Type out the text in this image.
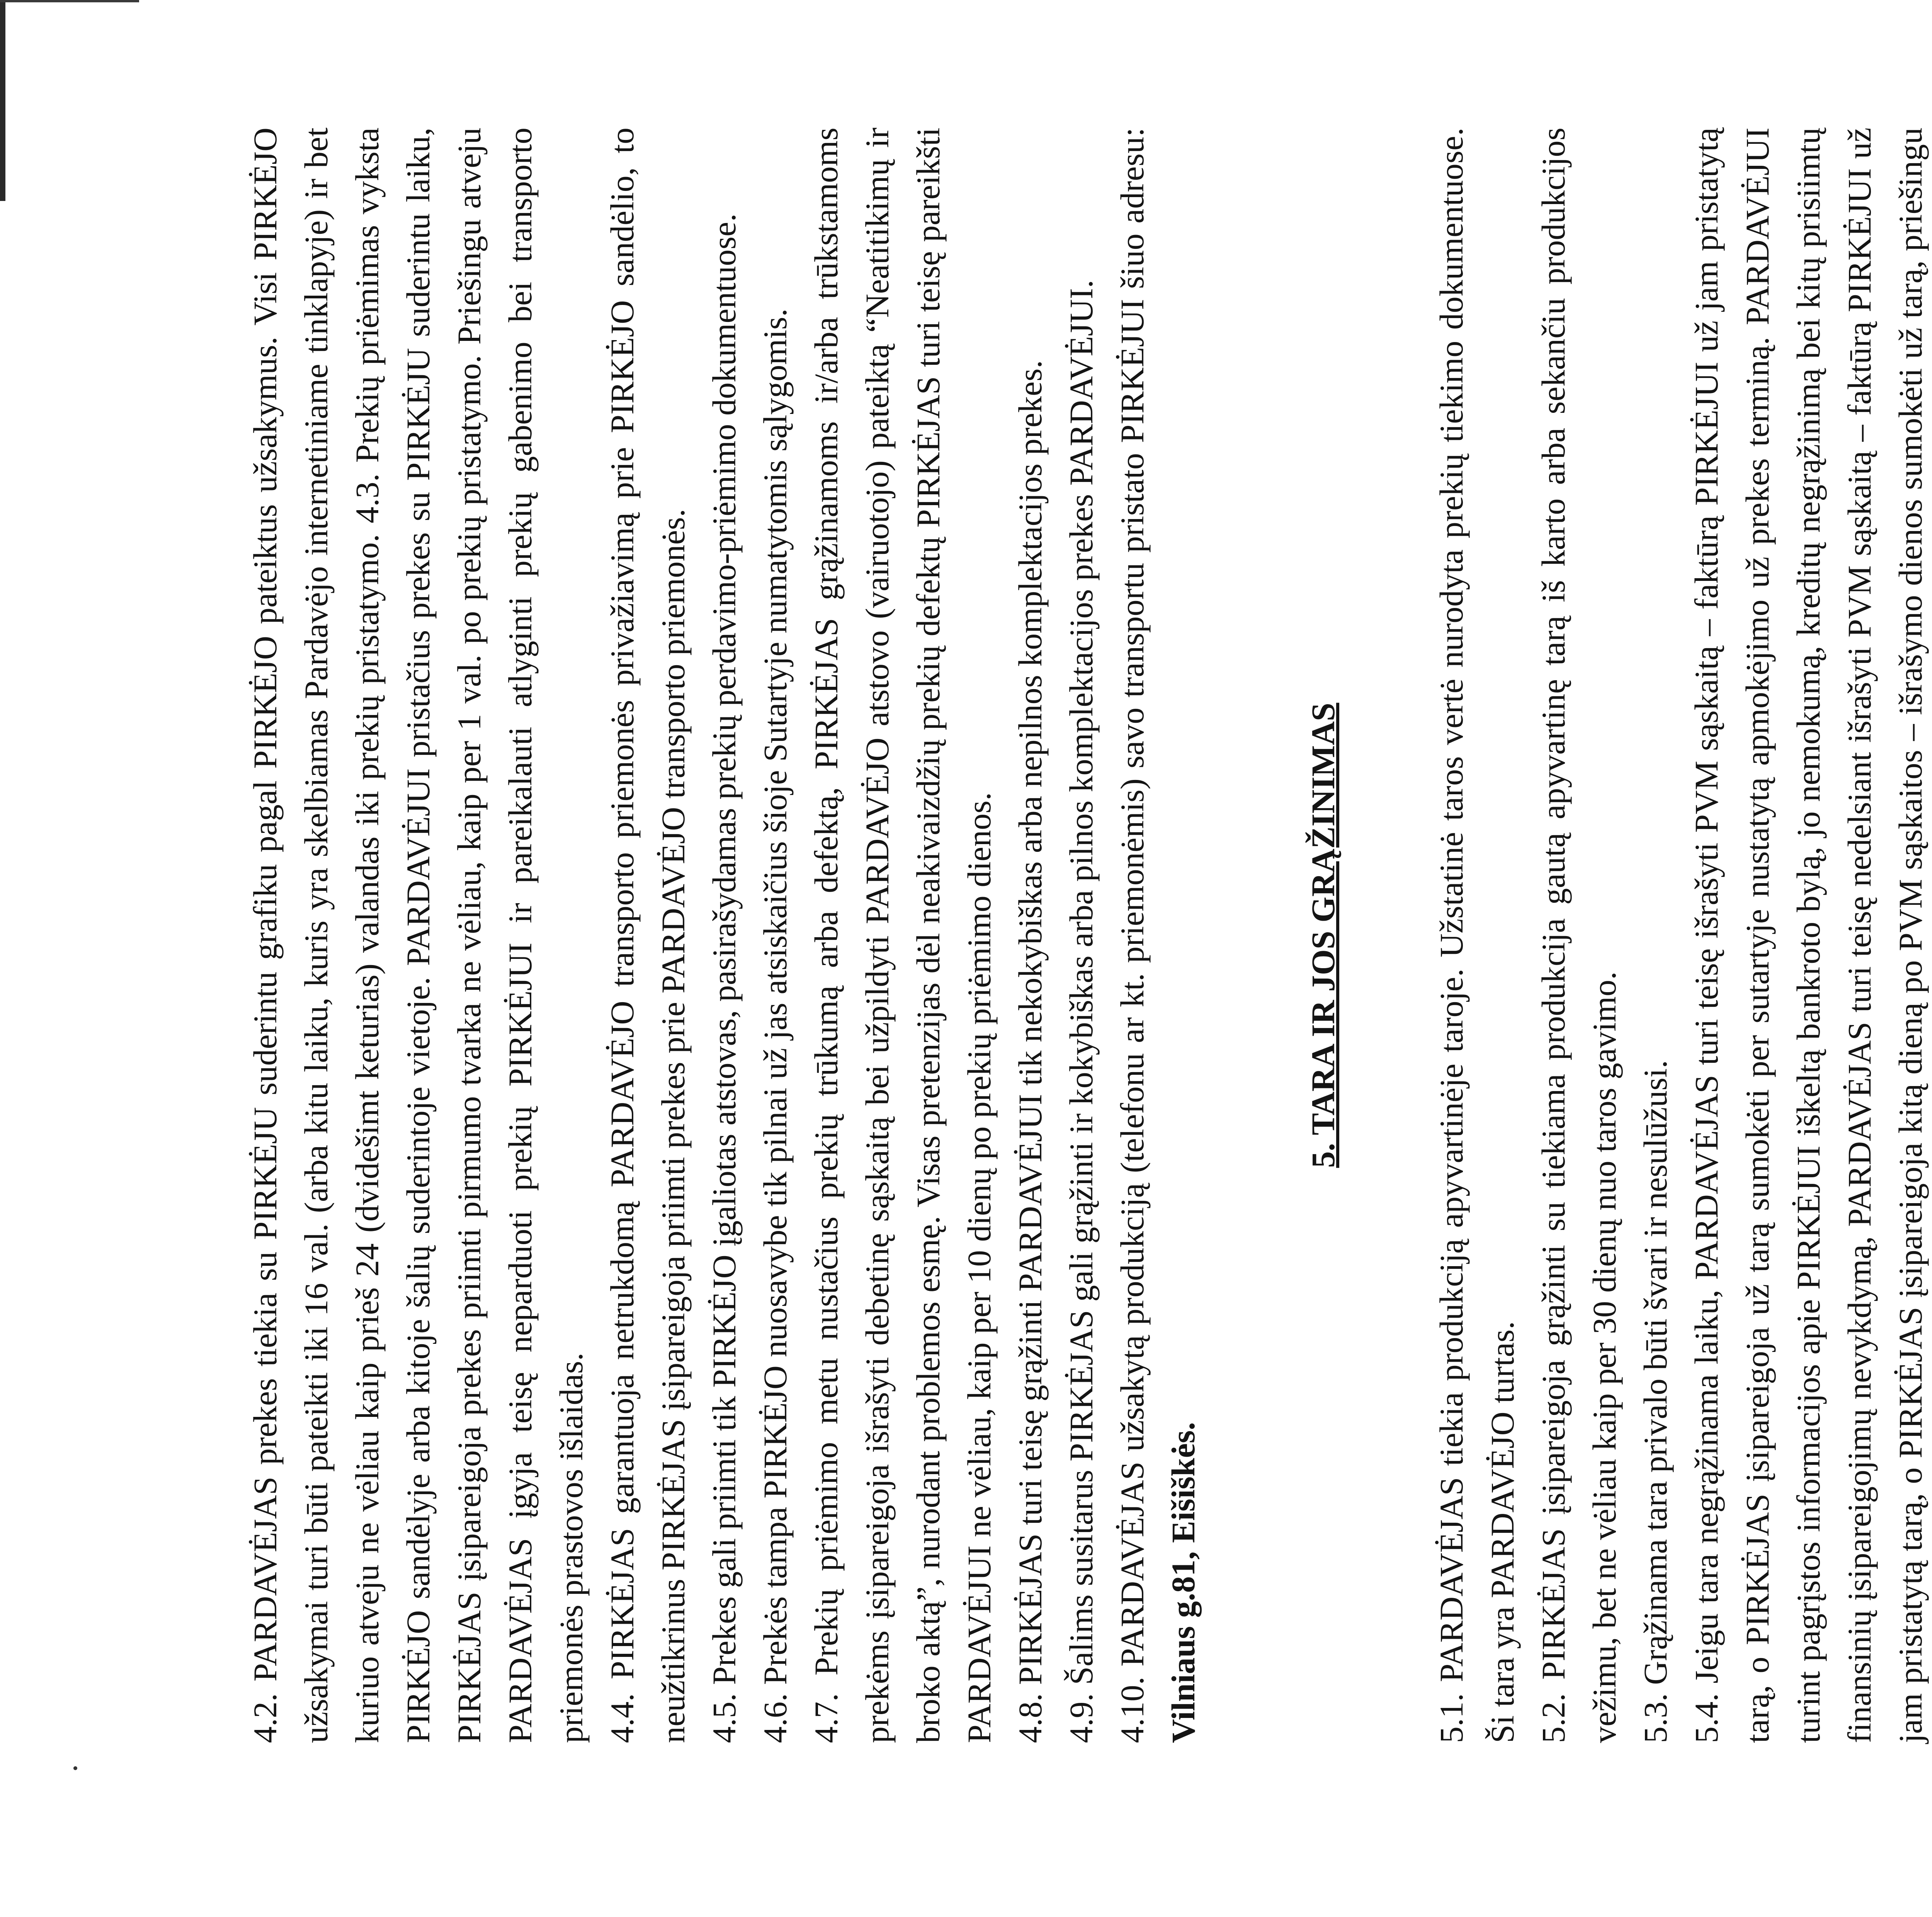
4.2. PARDAVĖJAS prekes tiekia su PIRKĖJU suderintu grafiku pagal PIRKĖJO pateiktus užsakymus. Visi PIRKĖJO užsakymai turi būti pateikti iki 16 val. (arba kitu laiku, kuris yra skelbiamas Pardavėjo internetiniame tinklapyje) ir bet kuriuo atveju ne vėliau kaip prieš 24 (dvidešimt keturias) valandas iki prekių pristatymo. 4.3. Prekių priėmimas vyksta PIRKĖJO sandėlyje arba kitoje šalių suderintoje vietoje. PARDAVĖJUI pristačius prekes su PIRKĖJU suderintu laiku, PIRKĖJAS įsipareigoja prekes priimti pirmumo tvarka ne vėliau, kaip per 1 val. po prekių pristatymo. Priešingu atveju PARDAVĖJAS įgyja teisę neparduoti prekių PIRKĖJUI ir pareikalauti atlyginti prekių gabenimo bei transporto priemonės prastovos išlaidas. 4.4. PIRKĖJAS garantuoja netrukdomą PARDAVĖJO transporto priemonės privažiavimą prie PIRKĖJO sandėlio, to neužtikrinus PIRKĖJAS įsipareigoja priimti prekes prie PARDAVĖJO transporto priemonės. 4.5. Prekes gali priimti tik PIRKĖJO įgaliotas atstovas, pasirašydamas prekių perdavimo-priėmimo dokumentuose. 4.6. Prekės tampa PIRKĖJO nuosavybe tik pilnai už jas atsiskaičius šioje Sutartyje numatytomis sąlygomis. 4.7. Prekių priėmimo metu nustačius prekių trūkumą arba defektą, PIRKĖJAS grąžinamoms ir/arba trūkstamoms prekėms įsipareigoja išrašyti debetinę sąskaitą bei užpildyti PARDAVĖJO atstovo (vairuotojo) pateiktą “Neatitikimų ir broko aktą”, nurodant problemos esmę. Visas pretenzijas dėl neakivaizdžių prekių defektų PIRKĖJAS turi teisę pareikšti PARDAVĖJUI ne vėliau, kaip per 10 dienų po prekių priėmimo dienos. 4.8. PIRKĖJAS turi teisę grąžinti PARDAVĖJUI tik nekokybiškas arba nepilnos komplektacijos prekes. 4.9. Šalims susitarus PIRKĖJAS gali grąžinti ir kokybiškas arba pilnos komplektacijos prekes PARDAVĖJUI. 4.10. PARDAVĖJAS užsakytą produkciją (telefonu ar kt. priemonėmis) savo transportu pristato PIRKĖJUI šiuo adresu: Vilniaus g.81, Eišiškės.

5. TARA IR JOS GRĄŽINIMAS	5.1. PARDAVĖJAS tiekia produkciją apyvartinėje taroje. Užstatinė taros vertė nurodyta prekių tiekimo dokumentuose. Ši tara yra PARDAVĖJO turtas. 5.2. PIRKĖJAS įsipareigoja grąžinti su tiekiama produkcija gautą apyvartinę tarą iš karto arba sekančiu produkcijos vežimu, bet ne vėliau kaip per 30 dienų nuo taros gavimo. 5.3. Grąžinama tara privalo būti švari ir nesulūžusi. 5.4. Jeigu tara negrąžinama laiku, PARDAVĖJAS turi teisę išrašyti PVM sąskaitą – faktūrą PIRKĖJUI už jam pristatytą tarą, o PIRKĖJAS įsipareigoja už tarą sumokėti per sutartyje nustatytą apmokėjimo už prekes terminą. PARDAVĖJUI turint pagrįstos informacijos apie PIRKĖJUI iškeltą bankroto bylą, jo nemokumą, kreditų negrąžinimą bei kitų prisiimtų finansinių įsipareigojimų nevykdymą, PARDAVĖJAS turi teisę nedelsiant išrašyti PVM sąskaitą – faktūrą PIRKĖJUI už jam pristatytą tarą, o PIRKĖJAS įsipareigoja kitą dieną po PVM sąskaitos – išrašymo dienos sumokėti už tarą, priešingu
